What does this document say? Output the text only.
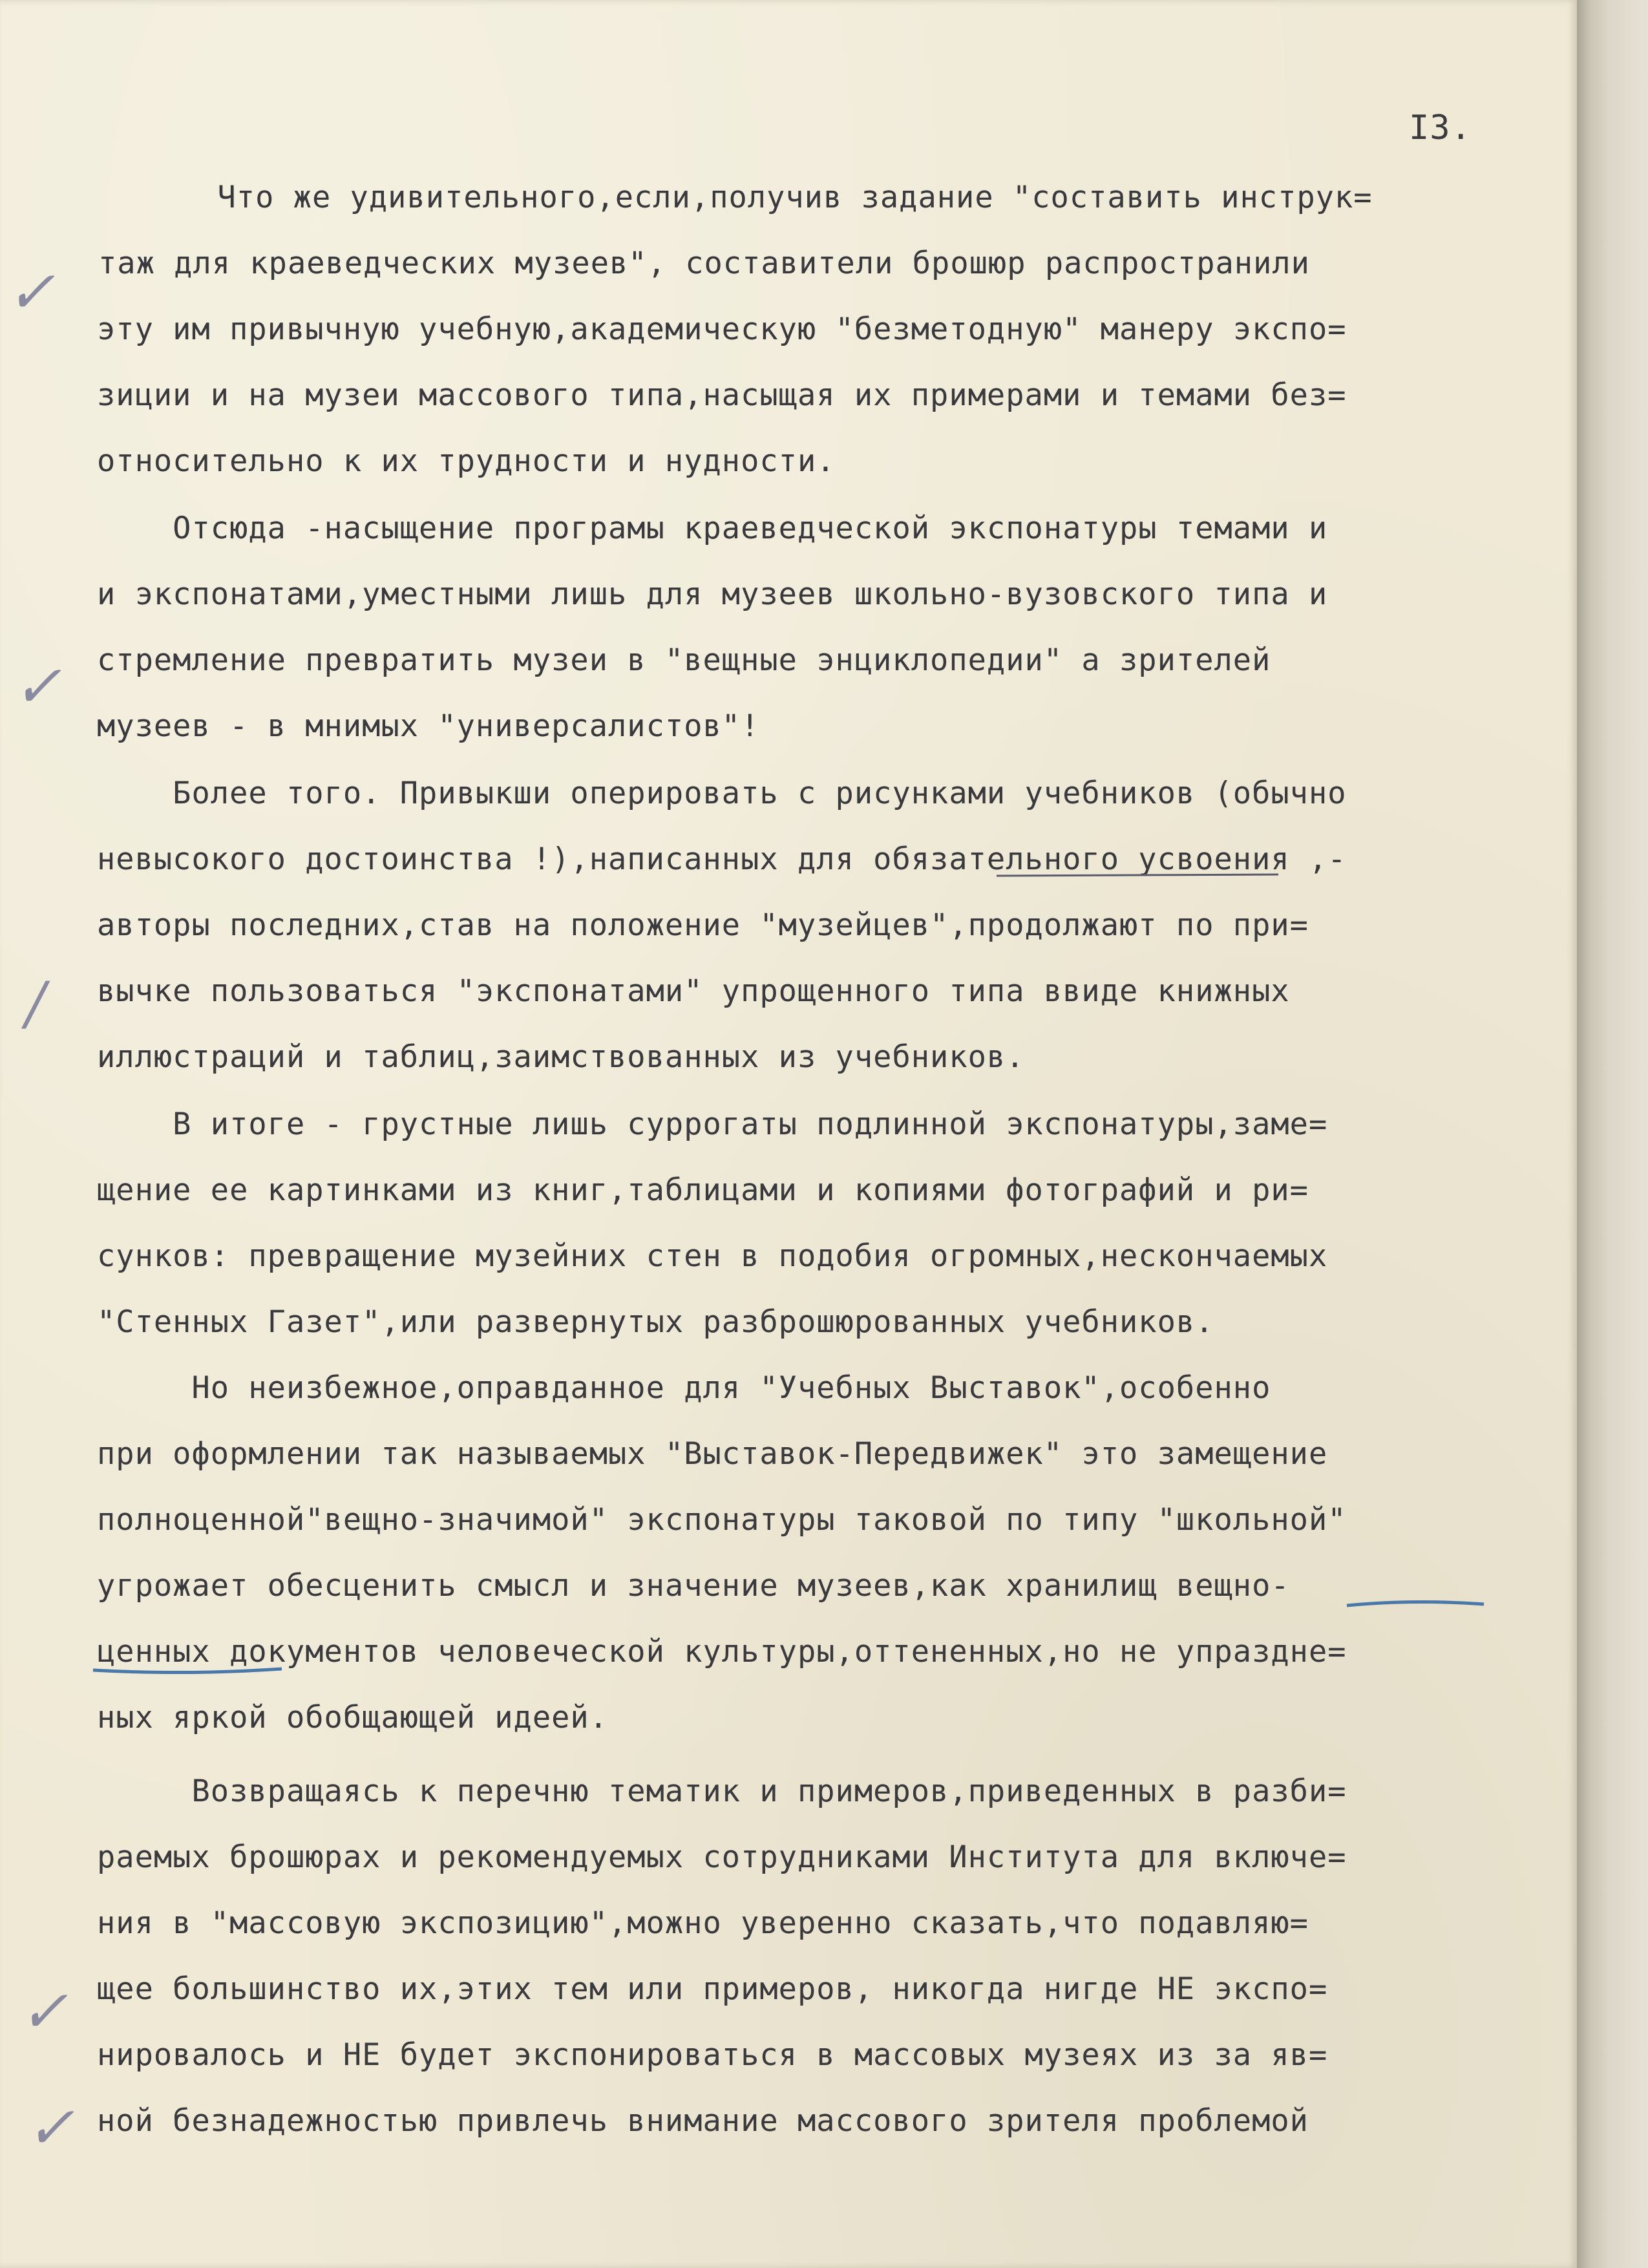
I3.
Что же удивительного,если,получив задание "составить инструк=
таж для краеведческих музеев", составители брошюр распространили
эту им привычную учебную,академическую "безметодную" манеру экспо=
зиции и на музеи массового типа,насыщая их примерами и темами без=
относительно к их трудности и нудности.
Отсюда -насыщение програмы краеведческой экспонатуры темами и
и экспонатами,уместными лишь для музеев школьно-вузовского типа и
стремление превратить музеи в "вещные энциклопедии" а зрителей
музеев - в мнимых "универсалистов"!
Более того. Привыкши оперировать с рисунками учебников (обычно
невысокого достоинства !),написанных для обязательного усвоения ,-
авторы последних,став на положение "музейцев",продолжают по при=
вычке пользоваться "экспонатами" упрощенного типа ввиде книжных
иллюстраций и таблиц,заимствованных из учебников.
В итоге - грустные лишь суррогаты подлинной экспонатуры,заме=
щение ее картинками из книг,таблицами и копиями фотографий и ри=
сунков: превращение музейних стен в подобия огромных,нескончаемых
"Стенных Газет",или развернутых разброшюрованных учебников.
Но неизбежное,оправданное для "Учебных Выставок",особенно
при оформлении так называемых "Выставок-Передвижек" это замещение
полноценной"вещно-значимой" экспонатуры таковой по типу "школьной"
угрожает обесценить смысл и значение музеев,как хранилищ вещно-
ценных документов человеческой культуры,оттененных,но не упраздне=
ных яркой обобщающей идеей.
Возвращаясь к перечню тематик и примеров,приведенных в разби=
раемых брошюрах и рекомендуемых сотрудниками Института для включе=
ния в "массовую экспозицию",можно уверенно сказать,что подавляю=
щее большинство их,этих тем или примеров, никогда нигде НЕ экспо=
нировалось и НЕ будет экспонироваться в массовых музеях из за яв=
ной безнадежностью привлечь внимание массового зрителя проблемой
✓
✓
/
✓
✓
